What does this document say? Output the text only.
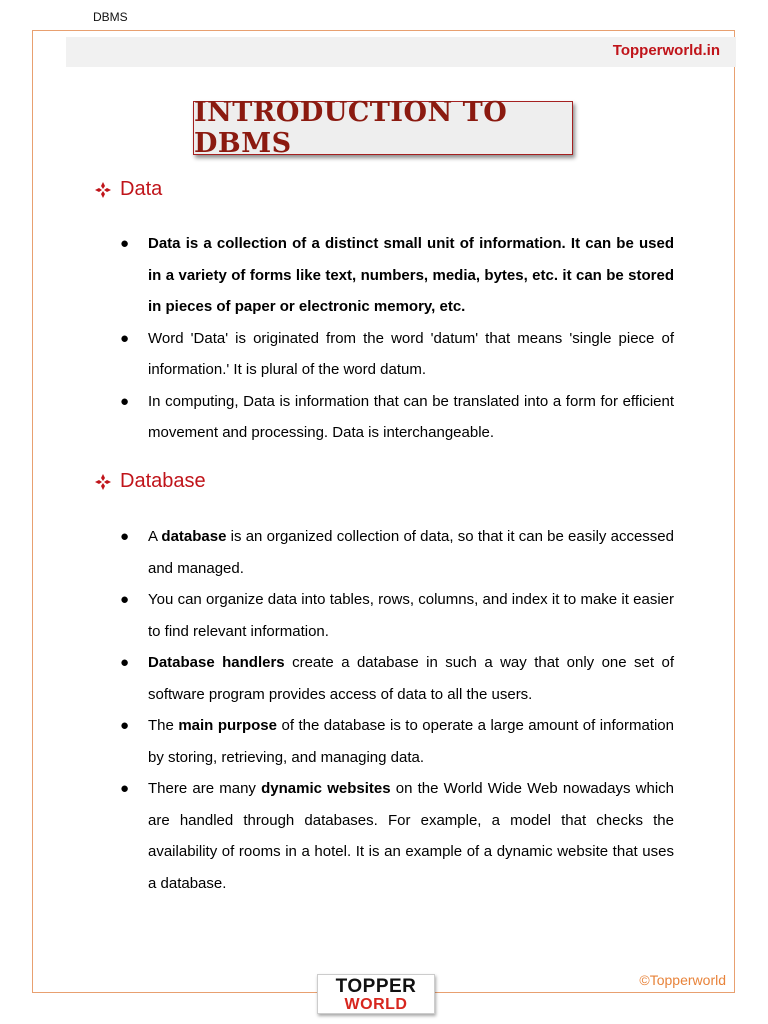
DBMS
Topperworld.in
INTRODUCTION TO DBMS
Data
● Data is a collection of a distinct small unit of information. It can be used in a variety of forms like text, numbers, media, bytes, etc. it can be stored in pieces of paper or electronic memory, etc.
● Word 'Data' is originated from the word 'datum' that means 'single piece of information.' It is plural of the word datum.
● In computing, Data is information that can be translated into a form for efficient movement and processing. Data is interchangeable.
Database
● A database is an organized collection of data, so that it can be easily accessed and managed.
● You can organize data into tables, rows, columns, and index it to make it easier to find relevant information.
● Database handlers create a database in such a way that only one set of software program provides access of data to all the users.
● The main purpose of the database is to operate a large amount of information by storing, retrieving, and managing data.
● There are many dynamic websites on the World Wide Web nowadays which are handled through databases. For example, a model that checks the availability of rooms in a hotel. It is an example of a dynamic website that uses a database.
TOPPER
WORLD
©Topperworld
